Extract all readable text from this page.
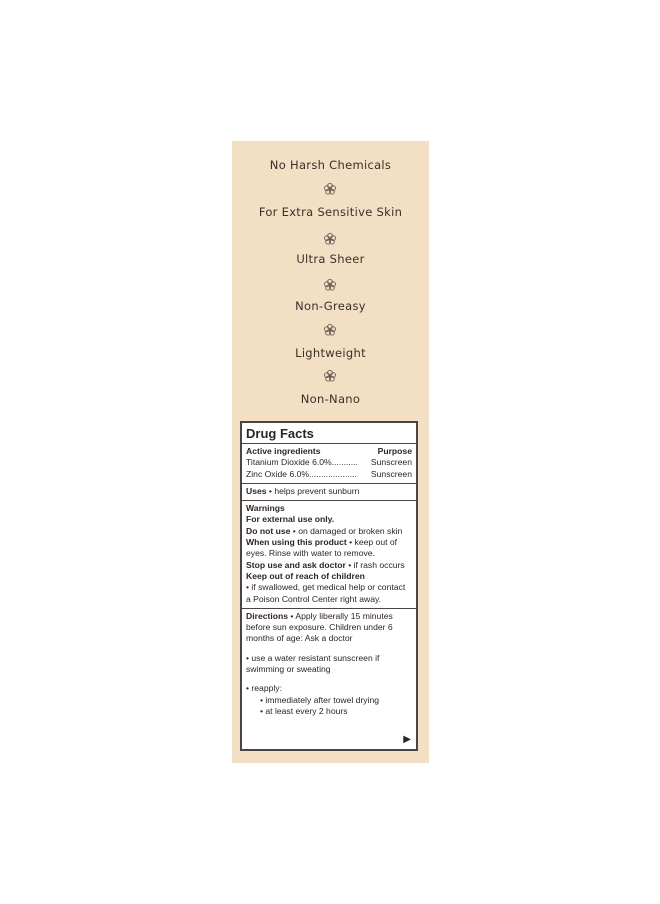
No Harsh Chemicals
For Extra Sensitive Skin
Ultra Sheer
Non-Greasy
Lightweight
Non-Nano
Drug Facts
Active ingredients	Purpose
Titanium Dioxide 6.0%........... Sunscreen
Zinc Oxide 6.0%.................... Sunscreen
Uses • helps prevent sunburn
Warnings
For external use only.
Do not use • on damaged or broken skin
When using this product • keep out of eyes. Rinse with water to remove.
Stop use and ask doctor • if rash occurs
Keep out of reach of children
• if swallowed, get medical help or contact a Poison Control Center right away.
Directions • Apply liberally 15 minutes before sun exposure. Children under 6 months of age: Ask a doctor
• use a water resistant sunscreen if swimming or sweating
• reapply:
• immediately after towel drying
• at least every 2 hours
▶
